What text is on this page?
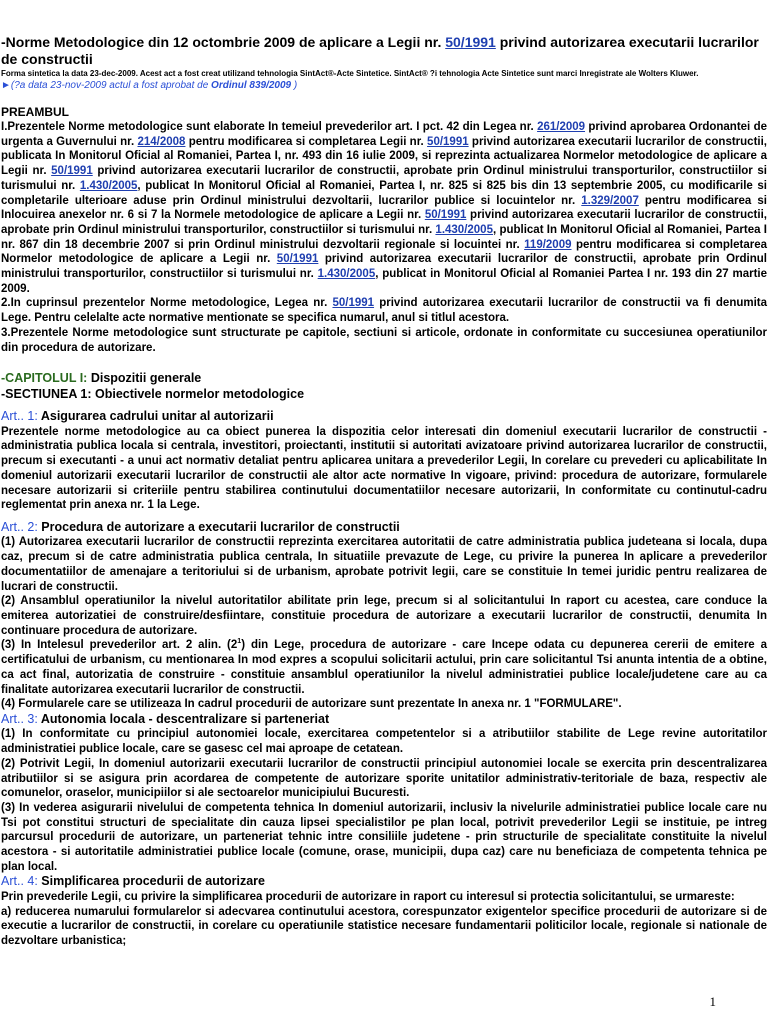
-Norme Metodologice din 12 octombrie 2009 de aplicare a Legii nr. 50/1991 privind autorizarea executarii lucrarilor de constructii

Forma sintetica la data 23-dec-2009. Acest act a fost creat utilizand tehnologia SintAct®-Acte Sintetice. SintAct® ?i tehnologia Acte Sintetice sunt marci Inregistrate ale Wolters Kluwer.

►(?a data 23-nov-2009 actul a fost aprobat de Ordinul 839/2009 )

PREAMBUL

I.Prezentele Norme metodologice sunt elaborate In temeiul prevederilor art. I pct. 42 din Legea nr. 261/2009 privind aprobarea Ordonantei de urgenta a Guvernului nr. 214/2008 pentru modificarea si completarea Legii nr. 50/1991 privind autorizarea executarii lucrarilor de constructii, publicata In Monitorul Oficial al Romaniei, Partea I, nr. 493 din 16 iulie 2009, si reprezinta actualizarea Normelor metodologice de aplicare a Legii nr. 50/1991 privind autorizarea executarii lucrarilor de constructii, aprobate prin Ordinul ministrului transporturilor, constructiilor si turismului nr. 1.430/2005, publicat In Monitorul Oficial al Romaniei, Partea I, nr. 825 si 825 bis din 13 septembrie 2005, cu modificarile si completarile ulterioare aduse prin Ordinul ministrului dezvoltarii, lucrarilor publice si locuintelor nr. 1.329/2007 pentru modificarea si Inlocuirea anexelor nr. 6 si 7 la Normele metodologice de aplicare a Legii nr. 50/1991 privind autorizarea executarii lucrarilor de constructii, aprobate prin Ordinul ministrului transporturilor, constructiilor si turismului nr. 1.430/2005, publicat In Monitorul Oficial al Romaniei, Partea I nr. 867 din 18 decembrie 2007 si prin Ordinul ministrului dezvoltarii regionale si locuintei nr. 119/2009 pentru modificarea si completarea Normelor metodologice de aplicare a Legii nr. 50/1991 privind autorizarea executarii lucrarilor de constructii, aprobate prin Ordinul ministrului transporturilor, constructiilor si turismului nr. 1.430/2005, publicat in Monitorul Oficial al Romaniei Partea I nr. 193 din 27 martie 2009.

2.In cuprinsul prezentelor Norme metodologice, Legea nr. 50/1991 privind autorizarea executarii lucrarilor de constructii va fi denumita Lege. Pentru celelalte acte normative mentionate se specifica numarul, anul si titlul acestora.

3.Prezentele Norme metodologice sunt structurate pe capitole, sectiuni si articole, ordonate in conformitate cu succesiunea operatiunilor din procedura de autorizare.

-CAPITOLUL I: Dispozitii generale

-SECTIUNEA 1: Obiectivele normelor metodologice

Art.. 1: Asigurarea cadrului unitar al autorizarii

Prezentele norme metodologice au ca obiect punerea la dispozitia celor interesati din domeniul executarii lucrarilor de constructii - administratia publica locala si centrala, investitori, proiectanti, institutii si autoritati avizatoare privind autorizarea lucrarilor de constructii, precum si executanti - a unui act normativ detaliat pentru aplicarea unitara a prevederilor Legii, In corelare cu prevederi cu aplicabilitate In domeniul autorizarii executarii lucrarilor de constructii ale altor acte normative In vigoare, privind: procedura de autorizare, formularele necesare autorizarii si criteriile pentru stabilirea continutului documentatiilor necesare autorizarii, In conformitate cu continutul-cadru reglementat prin anexa nr. 1 la Lege.

Art.. 2: Procedura de autorizare a executarii lucrarilor de constructii

(1) Autorizarea executarii lucrarilor de constructii reprezinta exercitarea autoritatii de catre administratia publica judeteana si locala, dupa caz, precum si de catre administratia publica centrala, In situatiile prevazute de Lege, cu privire la punerea In aplicare a prevederilor documentatiilor de amenajare a teritoriului si de urbanism, aprobate potrivit legii, care se constituie In temei juridic pentru realizarea de lucrari de constructii.

(2) Ansamblul operatiunilor la nivelul autoritatilor abilitate prin lege, precum si al solicitantului In raport cu acestea, care conduce la emiterea autorizatiei de construire/desfiintare, constituie procedura de autorizare a executarii lucrarilor de constructii, denumita In continuare procedura de autorizare.

(3) In Intelesul prevederilor art. 2 alin. $(2^1)$ din Lege, procedura de autorizare - care Incepe odata cu depunerea cererii de emitere a certificatului de urbanism, cu mentionarea In mod expres a scopului solicitarii actului, prin care solicitantul Tsi anunta intentia de a obtine, ca act final, autorizatia de construire - constituie ansamblul operatiunilor la nivelul administratiei publice locale/judetene care au ca finalitate autorizarea executarii lucrarilor de constructii.

(4) Formularele care se utilizeaza In cadrul procedurii de autorizare sunt prezentate In anexa nr. 1 "FORMULARE".

Art.. 3: Autonomia locala - descentralizare si parteneriat

(1) In conformitate cu principiul autonomiei locale, exercitarea competentelor si a atributiilor stabilite de Lege revine autoritatilor administratiei publice locale, care se gasesc cel mai aproape de cetatean.

(2) Potrivit Legii, In domeniul autorizarii executarii lucrarilor de constructii principiul autonomiei locale se exercita prin descentralizarea atributiilor si se asigura prin acordarea de competente de autorizare sporite unitatilor administrativ-teritoriale de baza, respectiv ale comunelor, oraselor, municipiilor si ale sectoarelor municipiului Bucuresti.

(3) In vederea asigurarii nivelului de competenta tehnica In domeniul autorizarii, inclusiv la nivelurile administratiei publice locale care nu Tsi pot constitui structuri de specialitate din cauza lipsei specialistilor pe plan local, potrivit prevederilor Legii se instituie, pe intreg parcursul procedurii de autorizare, un parteneriat tehnic intre consiliile judetene - prin structurile de specialitate constituite la nivelul acestora - si autoritatile administratiei publice locale (comune, orase, municipii, dupa caz) care nu beneficiaza de competenta tehnica pe plan local.

Art.. 4: Simplificarea procedurii de autorizare

Prin prevederile Legii, cu privire la simplificarea procedurii de autorizare in raport cu interesul si protectia solicitantului, se urmareste:

a) reducerea numarului formularelor si adecvarea continutului acestora, corespunzator exigentelor specifice procedurii de autorizare si de executie a lucrarilor de constructii, in corelare cu operatiunile statistice necesare fundamentarii politicilor locale, regionale si nationale de dezvoltare urbanistica;

1
